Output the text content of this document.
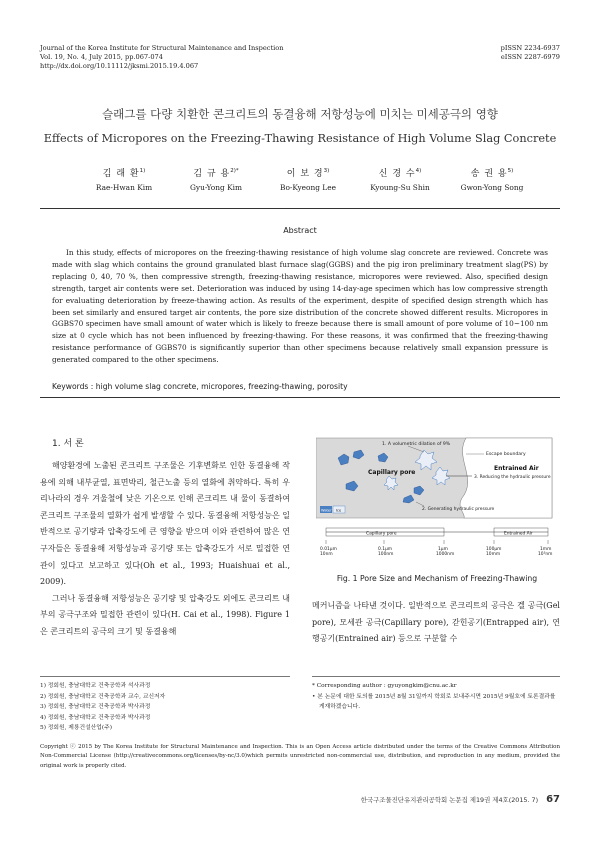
Journal of the Korea Institute for Structural Maintenance and Inspection
Vol. 19, No. 4, July 2015, pp.067-074
http://dx.doi.org/10.11112/jksmi.2015.19.4.067
pISSN 2234-6937
eISSN 2287-6979
슬래그를 다량 치환한 콘크리트의 동결융해 저항성능에 미치는 미세공극의 영향
Effects of Micropores on the Freezing-Thawing Resistance of High Volume Slag Concrete
김 래 환$^{1)}$
Rae-Hwan Kim
김 규 용$^{2)*}$
Gyu-Yong Kim
이 보 경$^{3)}$
Bo-Kyeong Lee
신 경 수$^{4)}$
Kyoung-Su Shin
송 권 용$^{5)}$
Gwon-Yong Song
Abstract

In this study, effects of micropores on the freezing-thawing resistance of high volume slag concrete are reviewed. Concrete was made with slag which contains the ground granulated blast furnace slag(GGBS) and the pig iron preliminary treatment slag(PS) by replacing 0, 40, 70 %, then compressive strength, freezing-thawing resistance, micropores were reviewed. Also, specified design strength, target air contents were set. Deterioration was induced by using 14-day-age specimen which has low compressive strength for evaluating deterioration by freeze-thawing action. As results of the experiment, despite of specified design strength which has been set similarly and ensured target air contents, the pore size distribution of the concrete showed different results. Micropores in GGBS70 specimen have small amount of water which is likely to freeze because there is small amount of pore volume of 10~100 nm size at 0 cycle which has not been influenced by freezing-thawing. For these reasons, it was confirmed that the freezing-thawing resistance performance of GGBS70 is significantly superior than other specimens because relatively small expansion pressure is generated compared to the other specimens.

Keywords : high volume slag concrete, micropores, freezing-thawing, porosity
1. 서 론

해양환경에 노출된 콘크리트 구조물은 기후변화로 인한 동결융해 작용에 의해 내부균열, 표면박리, 철근노출 등의 열화에 취약하다. 특히 우리나라의 경우 겨울철에 낮은 기온으로 인해 콘크리트 내 물이 동결하여 콘크리트 구조물의 열화가 쉽게 발생할 수 있다. 동결융해 저항성능은 일반적으로 공기량과 압축강도에 큰 영향을 받으며 이와 관련하여 많은 연구자들은 동결융해 저항성능과 공기량 또는 압축강도가 서로 밀접한 연관이 있다고 보고하고 있다(Oh et al., 1993; Huaishuai et al., 2009).

그러나 동결융해 저항성능은 공기량 및 압축강도 외에도 콘크리트 내부의 공극구조와 밀접한 관련이 있다(H. Cai et al., 1998). Figure 1은 콘크리트의 공극의 크기 및 동결융해

Escape boundary
1. A volumetric dilation of 9%
Capillary pore
Entrained Air
3. Reducing the hydraulic pressure
2. Generating hydraulic pressure
Water Ice
Capillary pore	Entrained Air
0.01μm
10nm
0.1μm
100nm
1μm
1000nm
100μm
10mm
1mm
10³nm
Fig. 1 Pore Size and Mechanism of Freezing-Thawing

메커니즘을 나타낸 것이다. 일반적으로 콘크리트의 공극은 겔 공극(Gel pore), 모세관 공극(Capillary pore), 갇힌공기(Entrapped air), 연행공기(Entrained air) 등으로 구분할 수

1) 정회원, 충남대학교 건축공학과 석사과정
2) 정회원, 충남대학교 건축공학과 교수, 교신저자
3) 정회원, 충남대학교 건축공학과 박사과정
4) 정회원, 충남대학교 건축공학과 박사과정
5) 정회원, 제룡건설산업(주)
* Corresponding author : gyuyongkim@cnu.ac.kr
• 본 논문에 대한 토의를 2015년 8월 31일까지 학회로 보내주시면 2015년 9월호에 토론결과를 게재하겠습니다.
Copyright ⓒ 2015 by The Korea Institute for Structural Maintenance and Inspection. This is an Open Access article distributed under the terms of the Creative Commons Attribution Non-Commercial License (http://creativecommons.org/licenses/by-nc/3.0)which permits unrestricted non-commercial use, distribution, and reproduction in any medium, provided the original work is properly cited.
한국구조물진단유지관리공학회 논문집 제19권 제4호(2015. 7) 67
